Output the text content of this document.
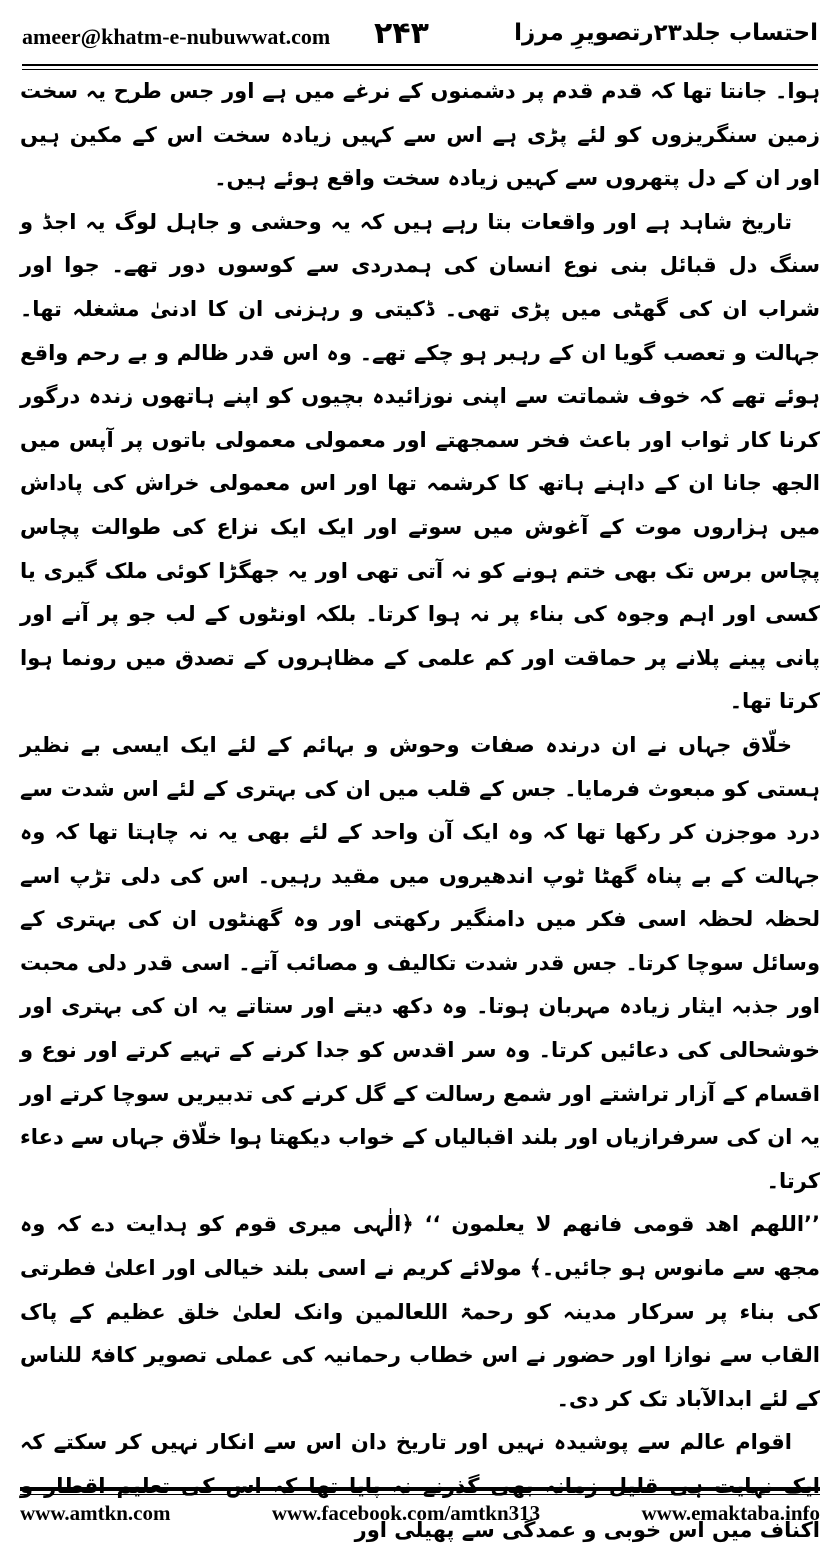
ameer@khatm-e-nubuwwat.com ۲۴۳	احتساب جلد۲۳رتصویرِ مرزا

ہوا۔ جانتا تھا کہ قدم قدم پر دشمنوں کے نرغے میں ہے اور جس طرح یہ سخت زمین سنگریزوں کو لئے پڑی ہے اس سے کہیں زیادہ سخت اس کے مکین ہیں اور ان کے دل پتھروں سے کہیں زیادہ سخت واقع ہوئے ہیں۔

تاریخ شاہد ہے اور واقعات بتا رہے ہیں کہ یہ وحشی و جاہل لوگ یہ اجڈ و سنگ دل قبائل بنی نوع انسان کی ہمدردی سے کوسوں دور تھے۔ جوا اور شراب ان کی گھٹی میں پڑی تھی۔ ڈکیتی و رہزنی ان کا ادنیٰ مشغلہ تھا۔ جہالت و تعصب گویا ان کے رہبر ہو چکے تھے۔ وہ اس قدر ظالم و بے رحم واقع ہوئے تھے کہ خوف شماتت سے اپنی نوزائیدہ بچیوں کو اپنے ہاتھوں زندہ درگور کرنا کار ثواب اور باعث فخر سمجھتے اور معمولی معمولی باتوں پر آپس میں الجھ جانا ان کے داہنے ہاتھ کا کرشمہ تھا اور اس معمولی خراش کی پاداش میں ہزاروں موت کے آغوش میں سوتے اور ایک ایک نزاع کی طوالت پچاس پچاس برس تک بھی ختم ہونے کو نہ آتی تھی اور یہ جھگڑا کوئی ملک گیری یا کسی اور اہم وجوہ کی بناء پر نہ ہوا کرتا۔ بلکہ اونٹوں کے لب جو پر آنے اور پانی پینے پلانے پر حماقت اور کم علمی کے مظاہروں کے تصدق میں رونما ہوا کرتا تھا۔

خلّاق جہاں نے ان درندہ صفات وحوش و بہائم کے لئے ایک ایسی بے نظیر ہستی کو مبعوث فرمایا۔ جس کے قلب میں ان کی بہتری کے لئے اس شدت سے درد موجزن کر رکھا تھا کہ وہ ایک آن واحد کے لئے بھی یہ نہ چاہتا تھا کہ وہ جہالت کے بے پناہ گھٹا ٹوپ اندھیروں میں مقید رہیں۔ اس کی دلی تڑپ اسے لحظہ لحظہ اسی فکر میں دامنگیر رکھتی اور وہ گھنٹوں ان کی بہتری کے وسائل سوچا کرتا۔ جس قدر شدت تکالیف و مصائب آتے۔ اسی قدر دلی محبت اور جذبہ ایثار زیادہ مہربان ہوتا۔ وہ دکھ دیتے اور ستاتے یہ ان کی بہتری اور خوشحالی کی دعائیں کرتا۔ وہ سر اقدس کو جدا کرنے کے تہیے کرتے اور نوع و اقسام کے آزار تراشتے اور شمع رسالت کے گل کرنے کی تدبیریں سوچا کرتے اور یہ ان کی سرفرازیاں اور بلند اقبالیاں کے خواب دیکھتا ہوا خلّاق جہاں سے دعاء کرتا۔

’’اللھم اھد قومی فانھم لا یعلمون ‘‘ ﴿الٰہی میری قوم کو ہدایت دے کہ وہ مجھ سے مانوس ہو جائیں۔﴾ مولائے کریم نے اسی بلند خیالی اور اعلیٰ فطرتی کی بناء پر سرکار مدینہ کو رحمۃ اللعالمین وانک لعلیٰ خلق عظیم کے پاک القاب سے نوازا اور حضور نے اس خطاب رحمانیہ کی عملی تصویر کافۃً للناس کے لئے ابدالآباد تک کر دی۔

اقوام عالم سے پوشیدہ نہیں اور تاریخ دان اس سے انکار نہیں کر سکتے کہ ایک نہایت ہی قلیل زمانہ بھی گذرنے نہ پایا تھا کہ اس کی تعلیم اقطار و اکناف میں اس خوبی و عمدگی سے پھیلی اور

www.amtkn.com	www.facebook.com/amtkn313	www.emaktaba.info
